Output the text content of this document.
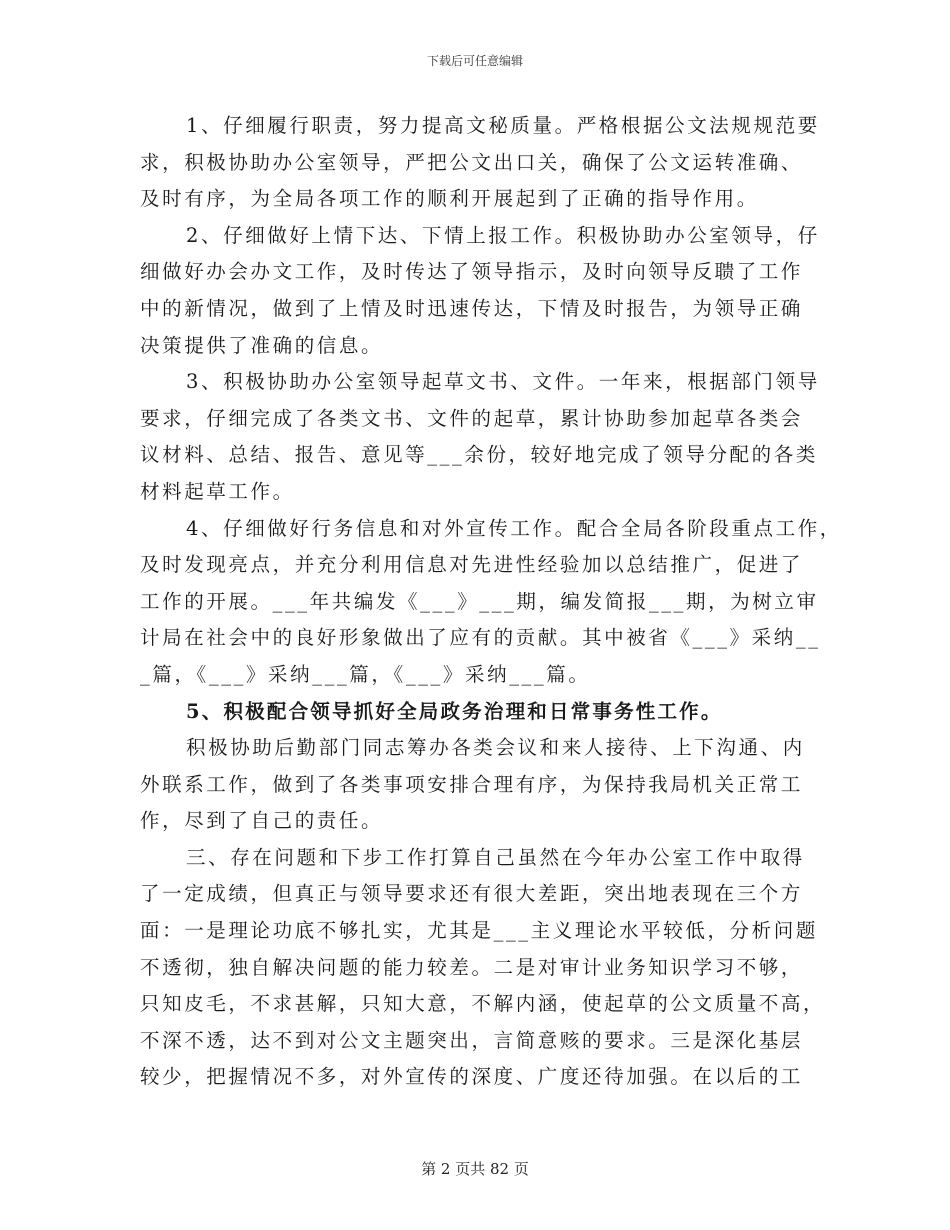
下载后可任意编辑
1、仔细履行职责，努力提高文秘质量。严格根据公文法规规范要
求，积极协助办公室领导，严把公文出口关，确保了公文运转准确、
及时有序，为全局各项工作的顺利开展起到了正确的指导作用。
2、仔细做好上情下达、下情上报工作。积极协助办公室领导，仔
细做好办会办文工作，及时传达了领导指示，及时向领导反聩了工作
中的新情况，做到了上情及时迅速传达，下情及时报告，为领导正确
决策提供了准确的信息。
3、积极协助办公室领导起草文书、文件。一年来，根据部门领导
要求，仔细完成了各类文书、文件的起草，累计协助参加起草各类会
议材料、总结、报告、意见等___余份，较好地完成了领导分配的各类
材料起草工作。
4、仔细做好行务信息和对外宣传工作。配合全局各阶段重点工作，
及时发现亮点，并充分利用信息对先进性经验加以总结推广，促进了
工作的开展。___年共编发《___》___期，编发简报___期，为树立审
计局在社会中的良好形象做出了应有的贡献。其中被省《___》采纳__
_篇，《___》采纳___篇，《___》采纳___篇。
5、积极配合领导抓好全局政务治理和日常事务性工作。
积极协助后勤部门同志筹办各类会议和来人接待、上下沟通、内
外联系工作，做到了各类事项安排合理有序，为保持我局机关正常工
作，尽到了自己的责任。
三、存在问题和下步工作打算自己虽然在今年办公室工作中取得
了一定成绩，但真正与领导要求还有很大差距，突出地表现在三个方
面：一是理论功底不够扎实，尤其是___主义理论水平较低，分析问题
不透彻，独自解决问题的能力较差。二是对审计业务知识学习不够，
只知皮毛，不求甚解，只知大意，不解内涵，使起草的公文质量不高，
不深不透，达不到对公文主题突出，言简意赅的要求。三是深化基层
较少，把握情况不多，对外宣传的深度、广度还待加强。在以后的工
第 2 页共 82 页
